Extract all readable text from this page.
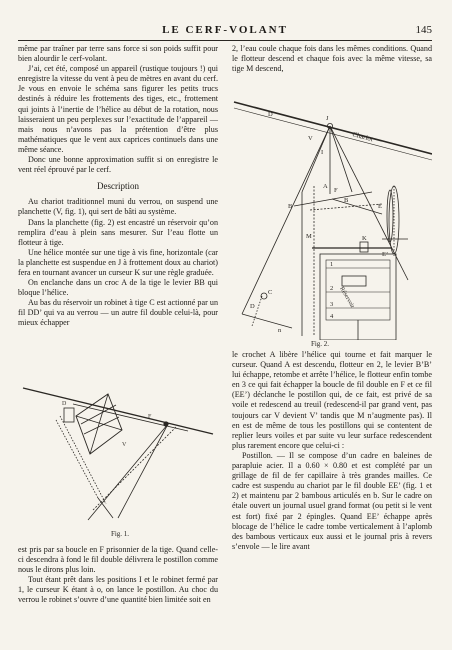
LE CERF-VOLANT	145

même par traîner par terre sans force si son poids suffit pour bien alourdir le cerf-volant.

J’ai, cet été, composé un appareil (rustique toujours !) qui enregistre la vitesse du vent à peu de mètres en avant du cerf. Je vous en envoie le schéma sans figurer les petits trucs destinés à réduire les frottements des tiges, etc., frottement qui joints à l’inertie de l’hélice au début de la rotation, nous laisseraient un peu perplexes sur l’exactitude de l’appareil — mais nous n’avons pas la prétention d’être plus mathématiques que le vent aux caprices continuels dans une même séance.

Donc une bonne approximation suffit si on enregistre le vent réel éprouvé par le cerf.

Description

Au chariot traditionnel muni du verrou, on suspend une planchette (V, fig. 1), qui sert de bâti au système.

Dans la planchette (fig. 2) est encastré un réservoir qu’on remplira d’eau à plein sans mesurer. Sur l’eau flotte un flotteur à tige.

Une hélice montée sur une tige à vis fine, horizontale (car la planchette est suspendue en J à frottement doux au chariot) fera en tournant avancer un curseur K sur une règle graduée.

On enclanche dans un croc A de la tige le levier BB qui bloque l’hélice.

Au bas du réservoir un robinet à tige C est actionné par un fil DD’ qui va au verrou — un autre fil double celui-là, pour mieux échapper

F
D
V
Fig. 1.

est pris par sa boucle en F prisonnier de la tige. Quand celle-ci descendra à fond le fil double délivrera le postillon comme nous le dirons plus loin.

Tout étant prêt dans les positions I et le robinet fermé par 1, le curseur K étant à o, on lance le postillon. Au choc du verrou le robinet s’ouvre d’une quantité bien limitée soit en

2, l’eau coule chaque fois dans les mêmes conditions. Quand le flotteur descend et chaque fois avec la même vitesse, sa tige M descend,

J
D
V
F
I
A
B
B
M	K
E
E’
C
D
n
1
2
3
4
Chariot
Réservoir
Fig. 2.

le crochet A libère l’hélice qui tourne et fait marquer le curseur. Quand A est descendu, flotteur en 2, le levier B’B’ lui échappe, retombe et arrête l’hélice, le flotteur enfin tombe en 3 ce qui fait échapper la boucle de fil double en F et ce fil (EE’) déclanche le postillon qui, de ce fait, est privé de sa voile et redescend au treuil (redescend-il par grand vent, pas toujours car V devient V’ tandis que M n’augmente pas). Il en est de même de tous les postillons qui se contentent de replier leurs voiles et par suite vu leur surface redescendent plus rarement encore que celui-ci :

Postillon. — Il se compose d’un cadre en baleines de parapluie acier. Il a 0.60 × 0.80 et est complété par un grillage de fil de fer capillaire à très grandes mailles. Ce cadre est suspendu au chariot par le fil double EE’ (fig. 1 et 2) et maintenu par 2 bambous articulés en b. Sur le cadre on étale ouvert un journal usuel grand format (ou petit si le vent est fort) fixé par 2 épingles. Quand EE’ échappe après blocage de l’hélice le cadre tombe verticalement à l’aplomb des bambous verticaux eux aussi et le journal pris à revers s’envole — le lire avant
